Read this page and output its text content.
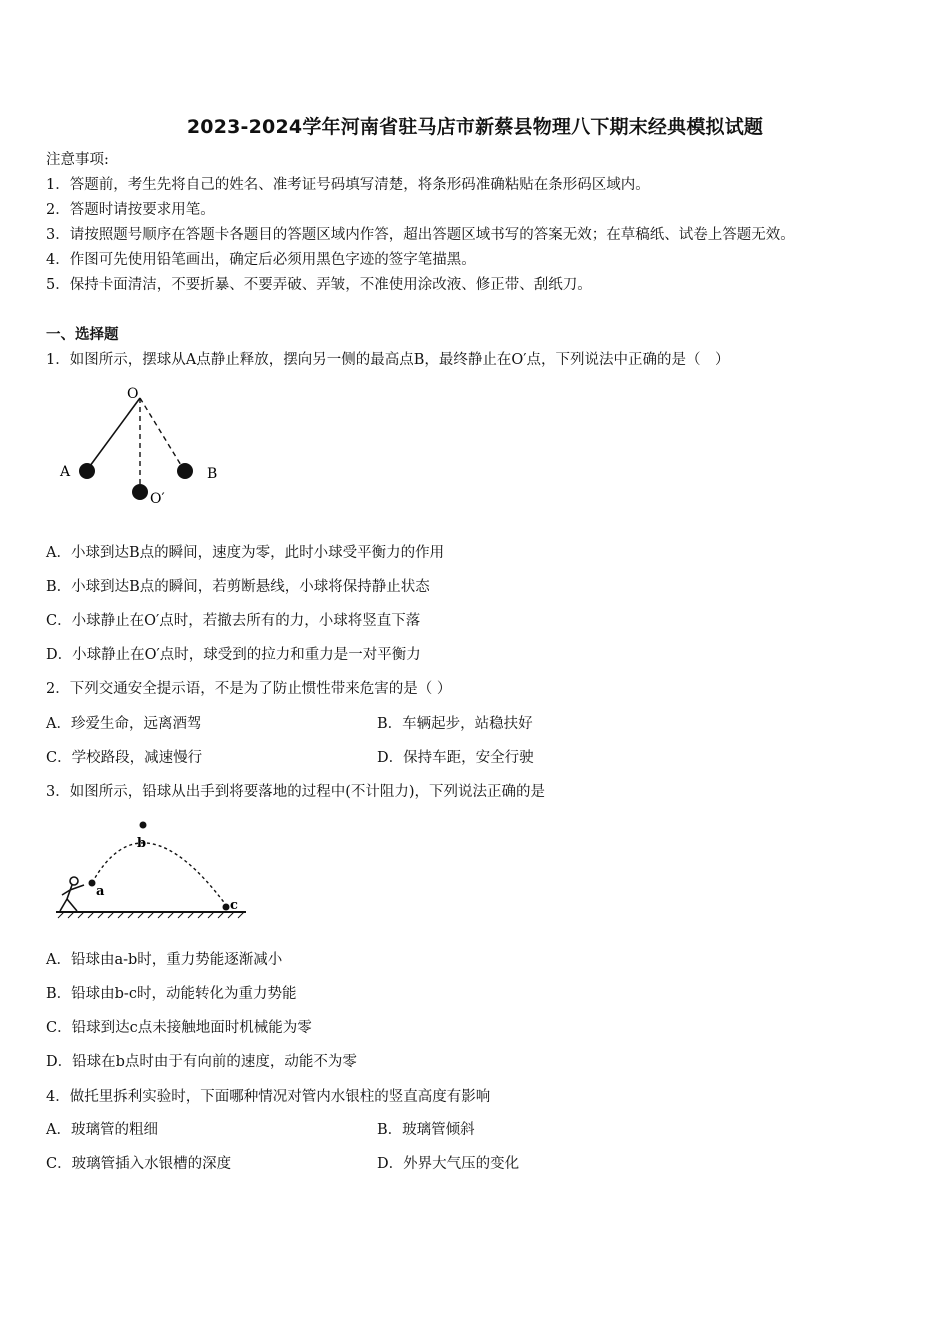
2023-2024学年河南省驻马店市新蔡县物理八下期末经典模拟试题
注意事项:
1．答题前，考生先将自己的姓名、准考证号码填写清楚，将条形码准确粘贴在条形码区域内。
2．答题时请按要求用笔。
3．请按照题号顺序在答题卡各题目的答题区域内作答，超出答题区域书写的答案无效；在草稿纸、试卷上答题无效。
4．作图可先使用铅笔画出，确定后必须用黑色字迹的签字笔描黑。
5．保持卡面清洁，不要折暴、不要弄破、弄皱，不准使用涂改液、修正带、刮纸刀。
一、选择题
1．如图所示，摆球从A点静止释放，摆向另一侧的最高点B，最终静止在O′点，下列说法中正确的是（　）
O
A	B
O′
A．小球到达B点的瞬间，速度为零，此时小球受平衡力的作用
B．小球到达B点的瞬间，若剪断悬线，小球将保持静止状态
C．小球静止在O′点时，若撤去所有的力，小球将竖直下落
D．小球静止在O′点时，球受到的拉力和重力是一对平衡力
2．下列交通安全提示语，不是为了防止惯性带来危害的是（ ）
A．珍爱生命，远离酒驾	B．车辆起步，站稳扶好
C．学校路段，减速慢行	D．保持车距，安全行驶
3．如图所示，铅球从出手到将要落地的过程中(不计阻力)，下列说法正确的是
a
b
c
A．铅球由a-b时，重力势能逐渐减小
B．铅球由b-c时，动能转化为重力势能
C．铅球到达c点未接触地面时机械能为零
D．铅球在b点时由于有向前的速度，动能不为零
4．做托里拆利实验时，下面哪种情况对管内水银柱的竖直高度有影响
A．玻璃管的粗细	B．玻璃管倾斜
C．玻璃管插入水银槽的深度	D．外界大气压的变化
